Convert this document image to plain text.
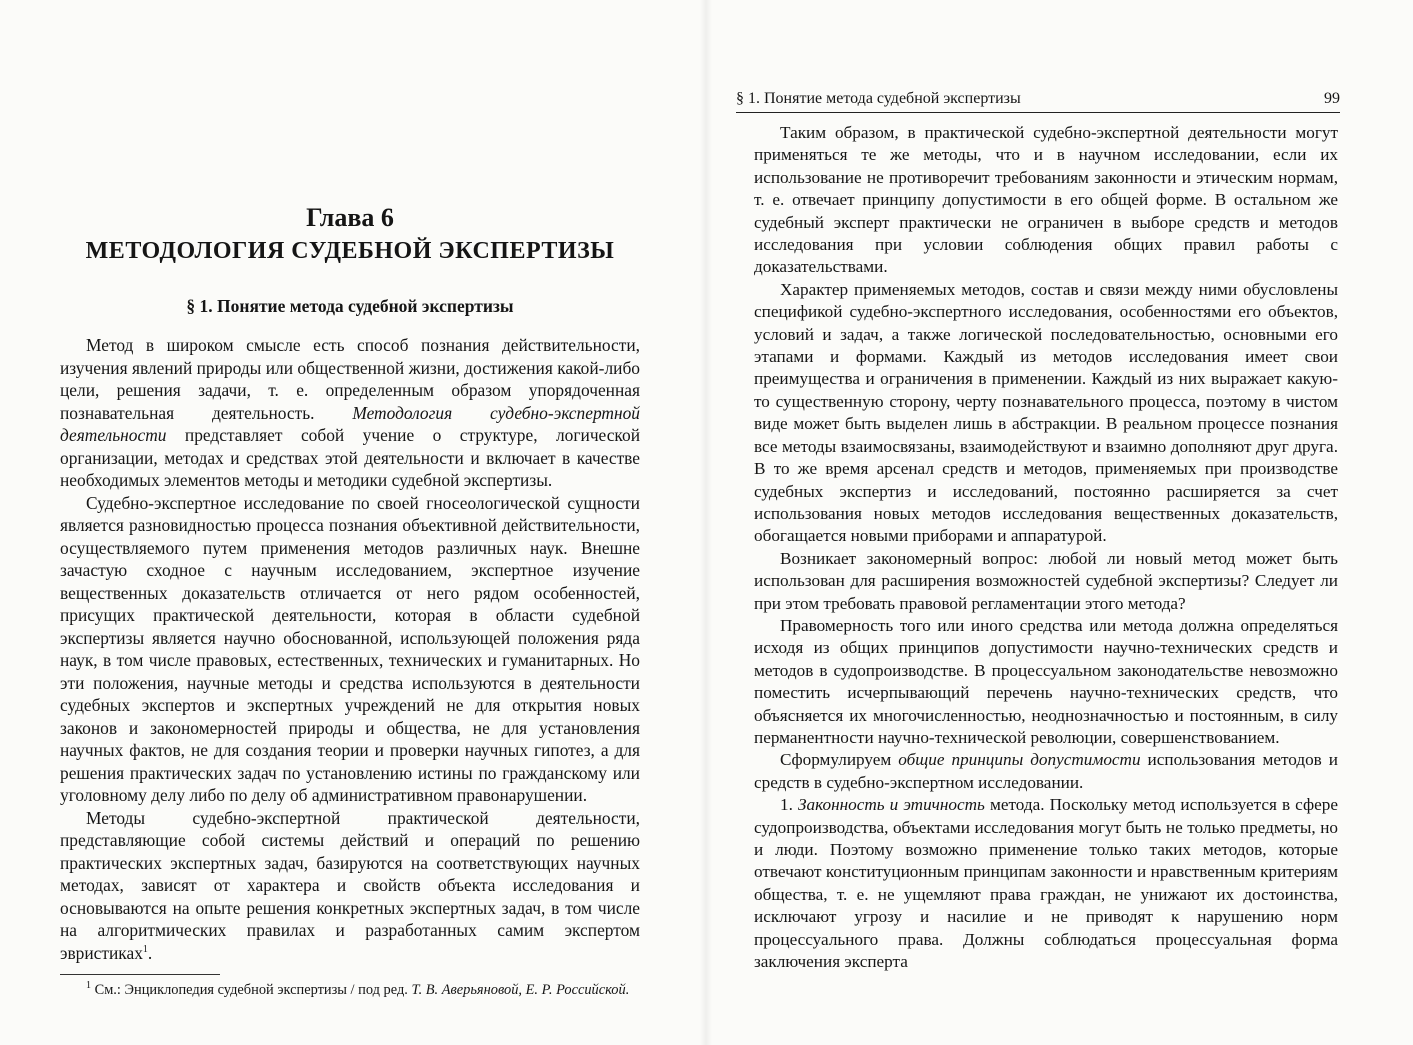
Глава 6
МЕТОДОЛОГИЯ СУДЕБНОЙ ЭКСПЕРТИЗЫ
§ 1. Понятие метода судебной экспертизы

Метод в широком смысле есть способ познания действительности, изучения явлений природы или общественной жизни, достижения какой-либо цели, решения задачи, т. е. определенным образом упорядоченная познавательная деятельность. Методология судебно-экспертной деятельности представляет собой учение о структуре, логической организации, методах и средствах этой деятельности и включает в качестве необходимых элементов методы и методики судебной экспертизы.

Судебно-экспертное исследование по своей гносеологической сущности является разновидностью процесса познания объективной действительности, осуществляемого путем применения методов различных наук. Внешне зачастую сходное с научным исследованием, экспертное изучение вещественных доказательств отличается от него рядом особенностей, присущих практической деятельности, которая в области судебной экспертизы является научно обоснованной, использующей положения ряда наук, в том числе правовых, естественных, технических и гуманитарных. Но эти положения, научные методы и средства используются в деятельности судебных экспертов и экспертных учреждений не для открытия новых законов и закономерностей природы и общества, не для установления научных фактов, не для создания теории и проверки научных гипотез, а для решения практических задач по установлению истины по гражданскому или уголовному делу либо по делу об административном правонарушении.

Методы судебно-экспертной практической деятельности, представляющие собой системы действий и операций по решению практических экспертных задач, базируются на соответствующих научных методах, зависят от характера и свойств объекта исследования и основываются на опыте решения конкретных экспертных задач, в том числе на алгоритмических правилах и разработанных самим экспертом эвристиках$^1$.

$^1$ См.: Энциклопедия судебной экспертизы / под ред. Т. В. Аверьяновой, Е. Р. Российской.

§ 1. Понятие метода судебной экспертизы	99

Таким образом, в практической судебно-экспертной деятельности могут применяться те же методы, что и в научном исследовании, если их использование не противоречит требованиям законности и этическим нормам, т. е. отвечает принципу допустимости в его общей форме. В остальном же судебный эксперт практически не ограничен в выборе средств и методов исследования при условии соблюдения общих правил работы с доказательствами.

Характер применяемых методов, состав и связи между ними обусловлены спецификой судебно-экспертного исследования, особенностями его объектов, условий и задач, а также логической последовательностью, основными его этапами и формами. Каждый из методов исследования имеет свои преимущества и ограничения в применении. Каждый из них выражает какую-то существенную сторону, черту познавательного процесса, поэтому в чистом виде может быть выделен лишь в абстракции. В реальном процессе познания все методы взаимосвязаны, взаимодействуют и взаимно дополняют друг друга. В то же время арсенал средств и методов, применяемых при производстве судебных экспертиз и исследований, постоянно расширяется за счет использования новых методов исследования вещественных доказательств, обогащается новыми приборами и аппаратурой.

Возникает закономерный вопрос: любой ли новый метод может быть использован для расширения возможностей судебной экспертизы? Следует ли при этом требовать правовой регламентации этого метода?

Правомерность того или иного средства или метода должна определяться исходя из общих принципов допустимости научно-технических средств и методов в судопроизводстве. В процессуальном законодательстве невозможно поместить исчерпывающий перечень научно-технических средств, что объясняется их многочисленностью, неоднозначностью и постоянным, в силу перманентности научно-технической революции, совершенствованием.

Сформулируем общие принципы допустимости использования методов и средств в судебно-экспертном исследовании.

1. Законность и этичность метода. Поскольку метод используется в сфере судопроизводства, объектами исследования могут быть не только предметы, но и люди. Поэтому возможно применение только таких методов, которые отвечают конституционным принципам законности и нравственным критериям общества, т. е. не ущемляют права граждан, не унижают их достоинства, исключают угрозу и насилие и не приводят к нарушению норм процессуального права. Должны соблюдаться процессуальная форма заключения эксперта
